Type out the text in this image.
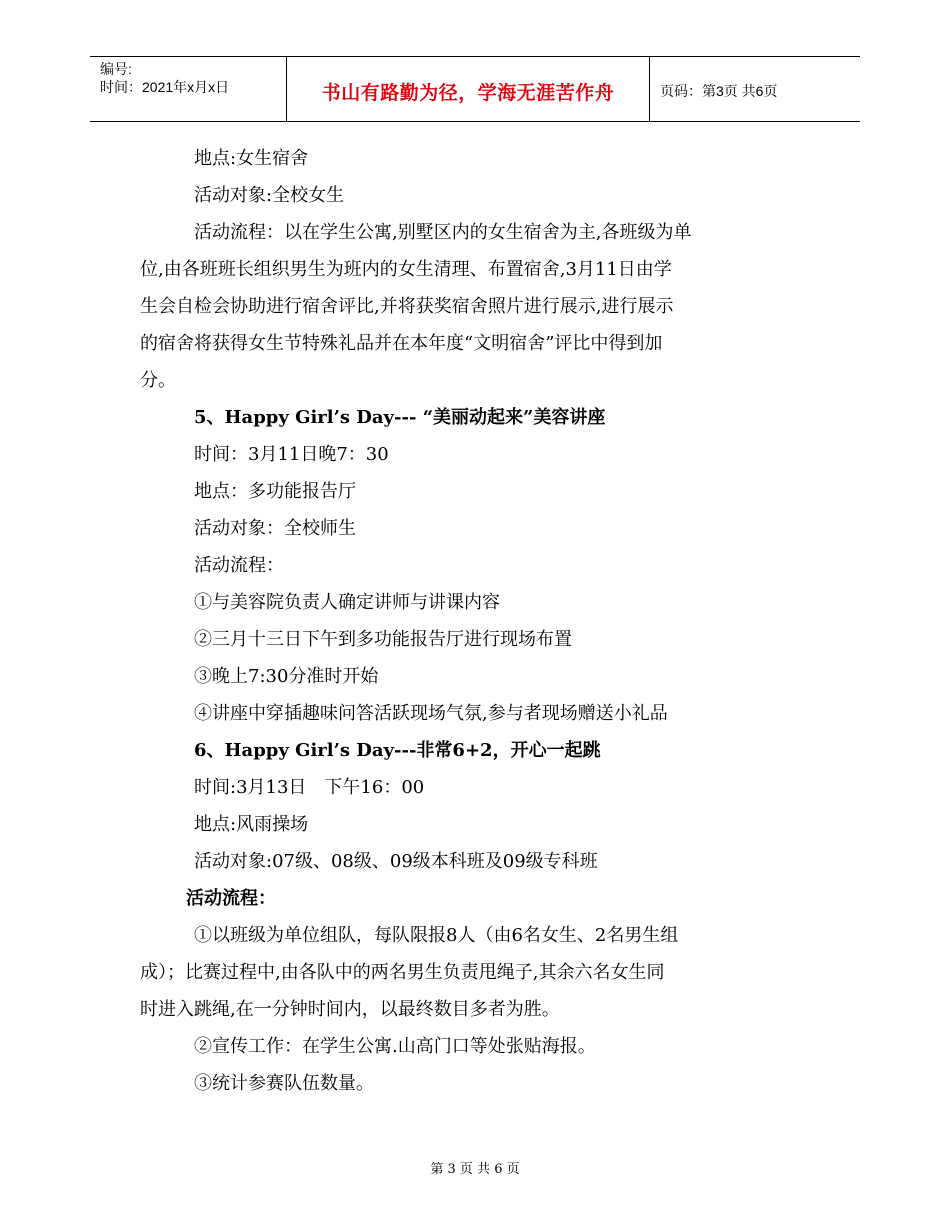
编号:
时间：2021年x月x日	书山有路勤为径，学海无涯苦作舟	页码：第3页 共6页
地点:女生宿舍
活动对象:全校女生
活动流程：以在学生公寓,别墅区内的女生宿舍为主,各班级为单
位,由各班班长组织男生为班内的女生清理、布置宿舍,3月11日由学
生会自检会协助进行宿舍评比,并将获奖宿舍照片进行展示,进行展示
的宿舍将获得女生节特殊礼品并在本年度“文明宿舍”评比中得到加
分。
5、Happy Girl’s Day--- “美丽动起来”美容讲座
时间：3月11日晚7：30
地点：多功能报告厅
活动对象：全校师生
活动流程：
①与美容院负责人确定讲师与讲课内容
②三月十三日下午到多功能报告厅进行现场布置
③晚上7:30分准时开始
④讲座中穿插趣味问答活跃现场气氛,参与者现场赠送小礼品
6、Happy Girl’s Day---非常6+2，开心一起跳
时间:3月13日　下午16：00
地点:风雨操场
活动对象:07级、08级、09级本科班及09级专科班
活动流程：
①以班级为单位组队，每队限报8人（由6名女生、2名男生组
成）；比赛过程中,由各队中的两名男生负责甩绳子,其余六名女生同
时进入跳绳,在一分钟时间内，以最终数目多者为胜。
②宣传工作：在学生公寓.山高门口等处张贴海报。
③统计参赛队伍数量。
第 3 页 共 6 页
